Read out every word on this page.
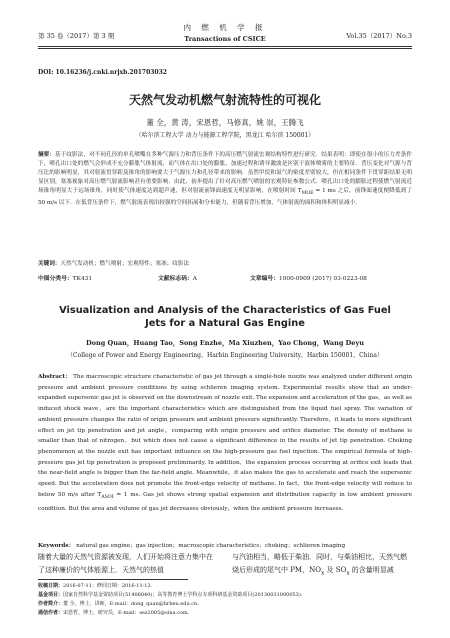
第 35 卷（2017）第 3 期
内 燃 机 学 报
Transactions of CSICE	Vol.35（2017）No.3
DOI: 10.16236/j.cnki.nrjxb.201703032
天然气发动机燃气射流特性的可视化
董 全，黄 涛，宋恩哲，马修真，姚 崇，王腾飞
（哈尔滨工程大学 动力与能源工程学院，黑龙江 哈尔滨 150001）
摘要：基于纹影法，对不同孔径的单孔喷嘴在多种气源压力和背压条件下的高压燃气射流宏观结构特性进行研究．结果表明：即使在很小的压力差条件下，喷孔出口处的燃气会形成不充分膨胀气体射流，而气体在出口处的膨胀、加速过程和诱导激波是区别于液体喷雾的主要特征．背压变化对气源与背压比的影响明显，其对射流贯穿距及锥角的影响要大于气源压力和孔径带来的影响．虽然甲烷和氮气的密度差别较大，但在相同条件下贯穿距结果无明显区别，塞塞视象对高压燃气射流影响甚有重要影响．由此，初步提出了针对高压燃气喷射的宏观特征参数公式．喷孔出口处的膨胀过程使燃气射流近场锥角明显大于远场锥角，同时使气体速度达到超声速，但对射流前锋面速度无明显影响，在喷射时间 $T_{MOE} = 1$ ms 之后，前锋面速度便降低到了 50 m/s 以下．在低背压条件下，燃气射流表现出较强的空间拓展和分布能力，但随着背压增加，气体射流的面积和体积明显减小．
关键词：天然气发动机；燃气喷射；宏观特性；塞塞；纹影法
中图分类号：TK431	文献标志码：A	文章编号：1000-0909 (2017) 03-0223-08
Visualization and Analysis of the Characteristics of Gas Fuel
Jets for a Natural Gas Engine
Dong Quan，Huang Tao，Song Enzhe，Ma Xiuzhen，Yao Chong，Wang Deyu
（College of Power and Energy Engineering，Harbin Engineering University，Harbin 150001，China）
Abstract： The macroscopic structure characteristic of gas jet through a single-hole nozzle was analyzed under different origin pressure and ambient pressure conditions by using schlieren imaging system. Experimental results show that an under-expanded supersonic gas jet is observed on the downstream of nozzle exit. The expansion and acceleration of the gas，as well as induced shock wave，are the important characteristics which are distinguished from the liquid fuel spray. The variation of ambient pressure changes the ratio of origin pressure and ambient pressure significantly. Therefore，it leads to more significant effect on jet tip penetration and jet angle，comparing with origin pressure and orifice diameter. The density of methane is smaller than that of nitrogen，but which does not cause a significant difference in the results of jet tip penetration. Choking phenomenon at the nozzle exit has important influence on the high-pressure gas fuel injection. The empirical formula of high-pressure gas jet tip penetration is proposed preliminarily. In addition，the expansion process occurring at orifice exit leads that the near-field angle is bigger than the far-field angle. Meanwhile，it also makes the gas to accelerate and reach the supersonic speed. But the acceleration does not promote the front-edge velocity of methane. In fact，the front-edge velocity will reduce to below 50 m/s after $T_{ASOI} = 1$ ms. Gas jet shows strong spatial expansion and distribution capacity in low ambient pressure condition. But the area and volume of gas jet decreases obviously，when the ambient pressure increases.
Keywords： natural gas engine；gas injection；macroscopic characteristics；choking；schlieren imaging
随着大量的天然气资源被发现，人们开始将注意力集中在了这种廉价的气体能源上．天然气的热值
与汽油相当，略低于柴油．同时，与柴油相比，天然气燃烧后形成的尾气中 PM，$NO_x$ 及 $SO_x$ 的含量明显减
收稿日期：2016-07-11；修回日期：2016-11-12.
基金项目：国家自然科学基金资助项目(51406040)；高等教育博士学科点专项科研基金资助项目(20130031000053).
作者简介：董 全，博士，讲师，E-mail：dong_quan@hrbeu.edu.cn.
通信作者：宋恩哲，博士，研究员，E-mail：sez2005@sina.com.
